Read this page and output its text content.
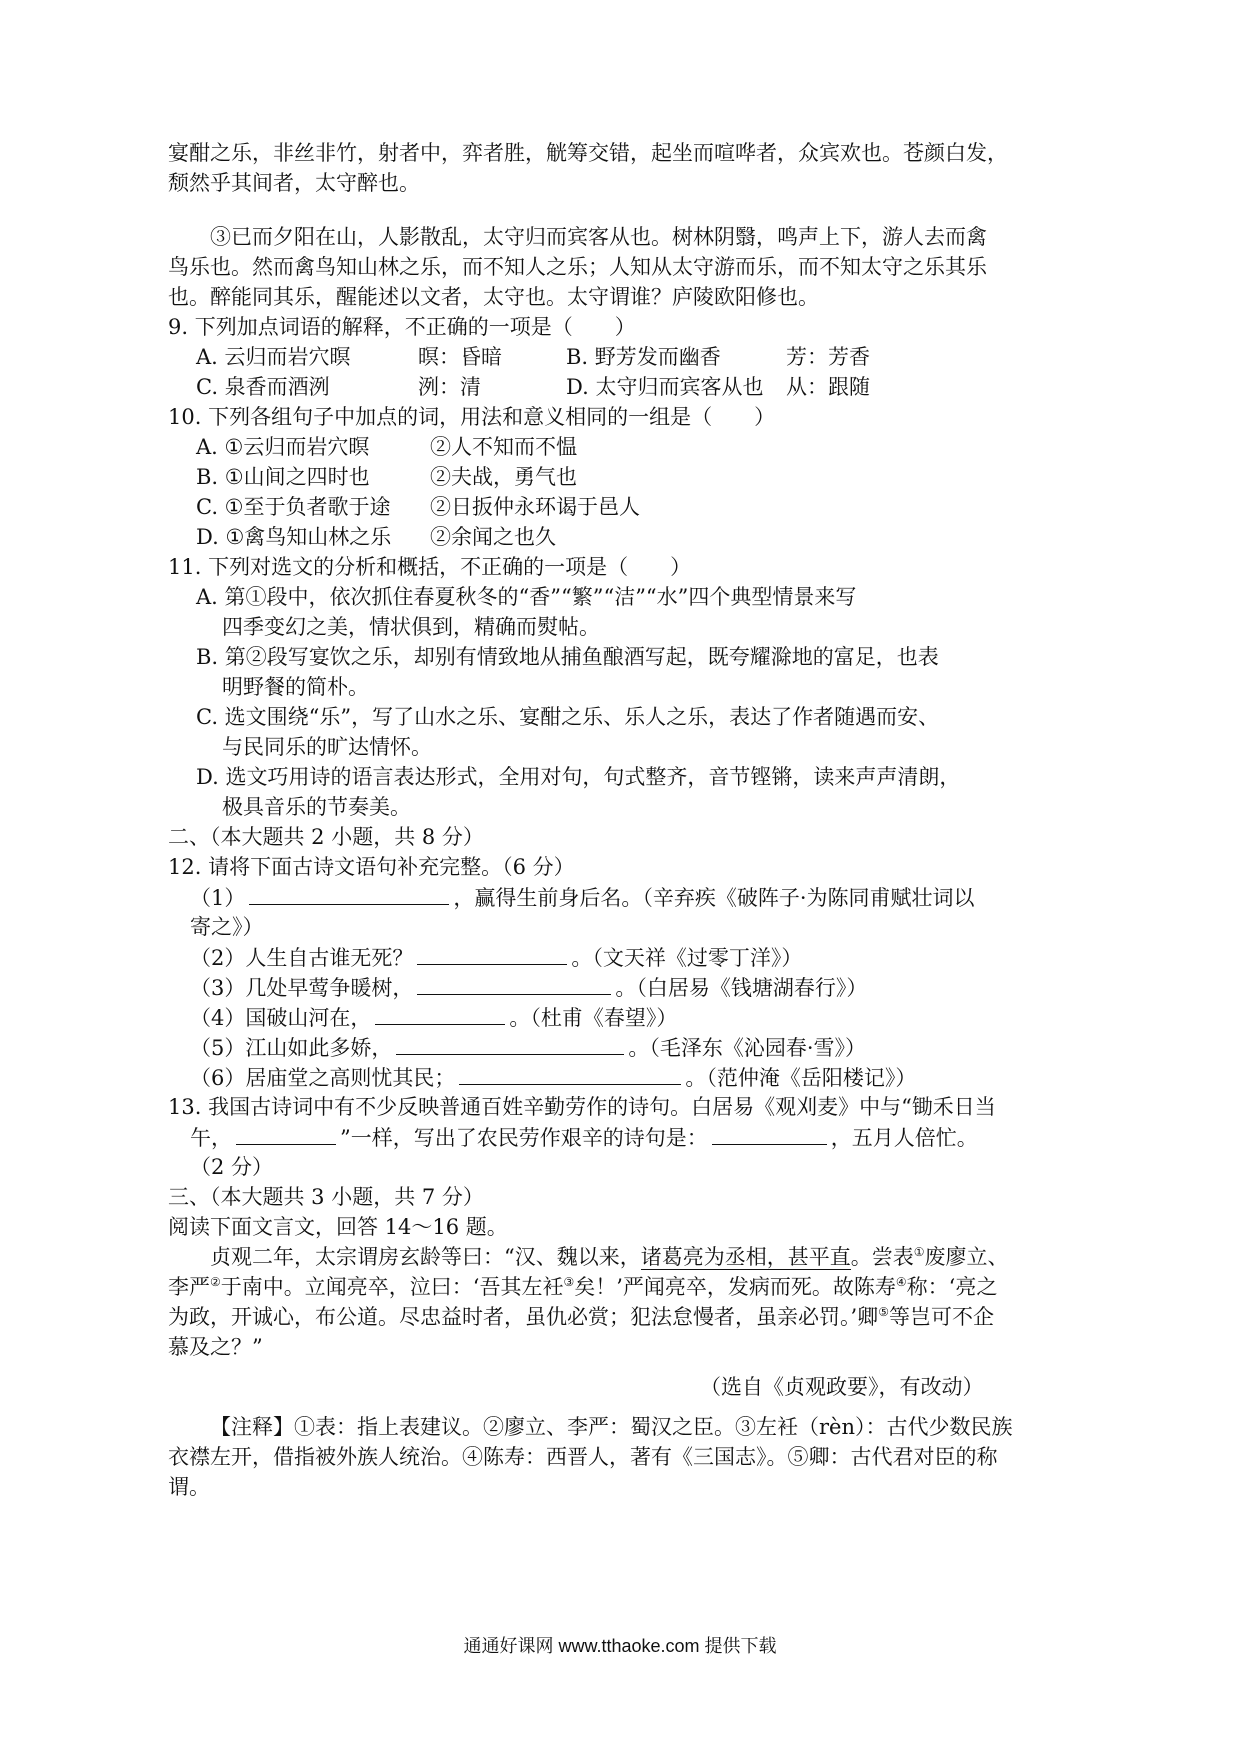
宴酣之乐，非丝非竹，射者中，弈者胜，觥筹交错，起坐而喧哗者，众宾欢也。苍颜白发，
颓然乎其间者，太守醉也。
③已而夕阳在山，人影散乱，太守归而宾客从也。树林阴翳，鸣声上下，游人去而禽
鸟乐也。然而禽鸟知山林之乐，而不知人之乐；人知从太守游而乐，而不知太守之乐其乐
也。醉能同其乐，醒能述以文者，太守也。太守谓谁？庐陵欧阳修也。
9. 下列加点词语的解释，不正确的一项是（　　）
A. 云归而岩穴暝	暝：昏暗	B. 野芳发而幽香	芳：芳香
C. 泉香而酒洌	洌：清	D. 太守归而宾客从也 从：跟随
10. 下列各组句子中加点的词，用法和意义相同的一组是（　　）
A. ①云归而岩穴暝	②人不知而不愠
B. ①山间之四时也	②夫战，勇气也
C. ①至于负者歌于途 ②日扳仲永环谒于邑人
D. ①禽鸟知山林之乐 ②余闻之也久
11. 下列对选文的分析和概括，不正确的一项是（　　）
A. 第①段中，依次抓住春夏秋冬的“香”“繁”“洁”“水”四个典型情景来写
四季变幻之美，情状俱到，精确而熨帖。
B. 第②段写宴饮之乐，却别有情致地从捕鱼酿酒写起，既夸耀滁地的富足，也表
明野餐的简朴。
C. 选文围绕“乐”，写了山水之乐、宴酣之乐、乐人之乐，表达了作者随遇而安、
与民同乐的旷达情怀。
D. 选文巧用诗的语言表达形式，全用对句，句式整齐，音节铿锵，读来声声清朗，
极具音乐的节奏美。
二、（本大题共 2 小题，共 8 分）
12. 请将下面古诗文语句补充完整。（6 分）
（1）	，赢得生前身后名。（辛弃疾《破阵子·为陈同甫赋壮词以
寄之》）
（2）人生自古谁无死？	。（文天祥《过零丁洋》）
（3）几处早莺争暖树，	。（白居易《钱塘湖春行》）
（4）国破山河在，	。（杜甫《春望》）
（5）江山如此多娇，	。（毛泽东《沁园春·雪》）
（6）居庙堂之高则忧其民；	。（范仲淹《岳阳楼记》）
13. 我国古诗词中有不少反映普通百姓辛勤劳作的诗句。白居易《观刈麦》中与“锄禾日当
午，	”一样，写出了农民劳作艰辛的诗句是：	，五月人倍忙。
（2 分）
三、（本大题共 3 小题，共 7 分）
阅读下面文言文，回答 14～16 题。
贞观二年，太宗谓房玄龄等曰：“汉、魏以来，诸葛亮为丞相，甚平直。尝表①废廖立、
李严②于南中。立闻亮卒，泣曰：‘吾其左衽③矣！’严闻亮卒，发病而死。故陈寿④称：‘亮之
为政，开诚心，布公道。尽忠益时者，虽仇必赏；犯法怠慢者，虽亲必罚。’卿⑤等岂可不企
慕及之？”
（选自《贞观政要》，有改动）
【注释】①表：指上表建议。②廖立、李严：蜀汉之臣。③左衽（rèn）：古代少数民族
衣襟左开，借指被外族人统治。④陈寿：西晋人，著有《三国志》。⑤卿：古代君对臣的称
谓。
通通好课网 www.tthaoke.com 提供下载
